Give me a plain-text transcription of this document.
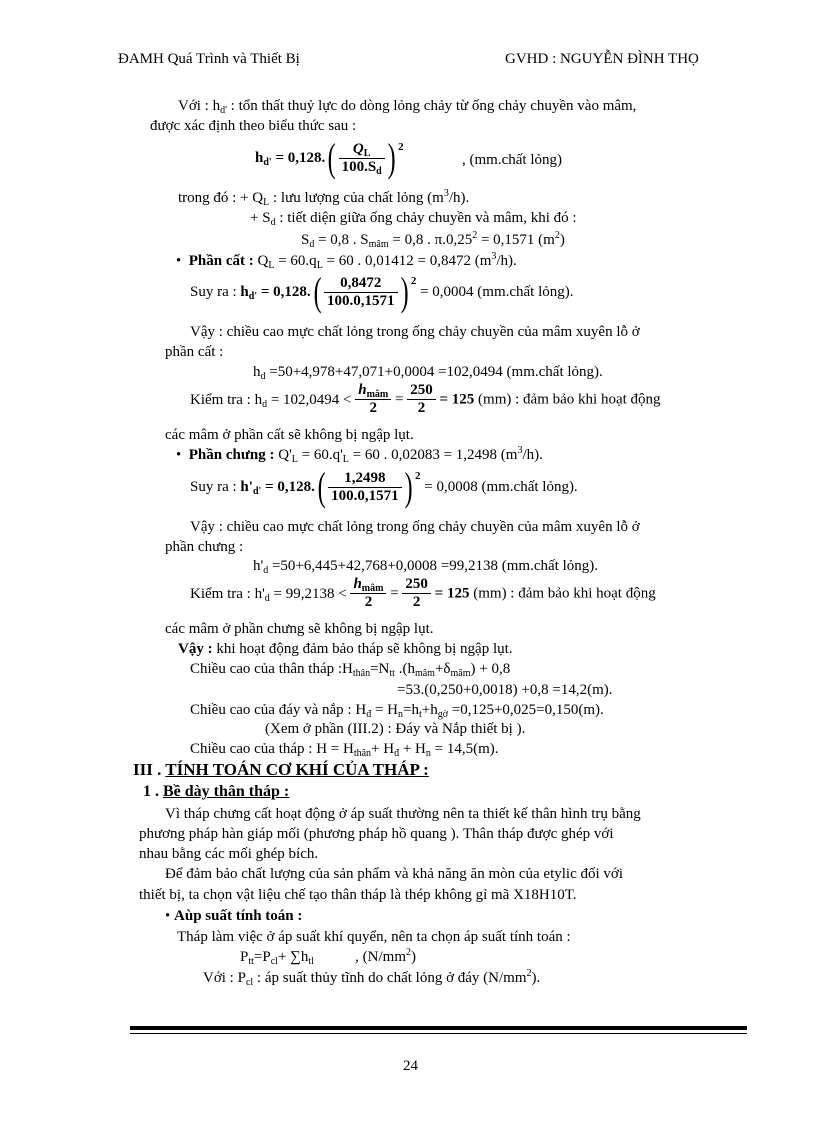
ĐAMH Quá Trình và Thiết Bị	GVHD : NGUYỄN ĐÌNH THỌ
Với : $h_{d'}$ : tổn thất thuỷ lực do dòng lỏng chảy từ ống chảy chuyền vào mâm,
được xác định theo biểu thức sau :
$h_{d'} = 0,128.( \frac{Q_L}{100.S_d}$ ) $^2$
, (mm.chất lỏng)
trong đó : + $Q_L$ : lưu lượng của chất lỏng $(m^3/h)$.
+ $S_d$ : tiết diện giữa ống chảy chuyền và mâm, khi đó :
$S_d = 0,8$ . $S_{mâm} = 0,8$ . $\pi.0,25^2 = 0,1571$ $(m^2)$
• Phần cất : $Q_L = 60.q_L = 60$ . 0,01412 = 0,8472 $(m^3/h)$.
Suy ra : $h_{d'} = 0,128.( \frac{0,8472}{100.0,1571}$ ) $^2$ = 0,0004 (mm.chất lỏng).
Vậy : chiều cao mực chất lỏng trong ống chảy chuyền của mâm xuyên lỗ ở
phần cất :
$h_d =50+4,978+47,071+0,0004 =102,0494$ (mm.chất lỏng).
Kiểm tra : $h_d = 102,0494 < \frac{h_{mâm}}{2} = \frac{250}{2} = 125$ (mm) : đảm bảo khi hoạt động
các mâm ở phần cất sẽ không bị ngập lụt.
• Phần chưng : $Q'_L = 60.q'_L = 60$ . 0,02083 = 1,2498 $(m^3/h)$.
Suy ra : $h'_{d'} = 0,128.( \frac{1,2498}{100.0,1571}$ ) $^2$ = 0,0008 (mm.chất lỏng).
Vậy : chiều cao mực chất lỏng trong ống chảy chuyền của mâm xuyên lỗ ở
phần chưng :
$h'_d =50+6,445+42,768+0,0008 =99,2138$ (mm.chất lỏng).
Kiểm tra : $h'_d = 99,2138 < \frac{h_{mâm}}{2} = \frac{250}{2} = 125$ (mm) : đảm bảo khi hoạt động
các mâm ở phần chưng sẽ không bị ngập lụt.
Vậy : khi hoạt động đảm bảo tháp sẽ không bị ngập lụt.
Chiều cao của thân tháp $:H_{thân}=N_{tt}$ $.(h_{mâm}+\delta_{mâm}) + 0,8$
=53.(0,250+0,0018) +0,8 =14,2(m).
Chiều cao của đáy và nắp : $H_đ = H_n=h_t+h_{gờ} =0,125+0,025=0,150(m)$.
(Xem ở phần (III.2) : Đáy và Nắp thiết bị ).
Chiều cao của tháp : $H = H_{thân}+ H_đ + H_n = 14,5(m)$.
III . TÍNH TOÁN CƠ KHÍ CỦA THÁP :
1 . Bề dày thân tháp :
Vì tháp chưng cất hoạt động ở áp suất thường nên ta thiết kế thân hình trụ bằng
phương pháp hàn giáp mối (phương pháp hồ quang ). Thân tháp được ghép với
nhau bằng các mối ghép bích.
Để đảm bảo chất lượng của sản phẩm và khả năng ăn mòn của etylic đối với
thiết bị, ta chọn vật liệu chế tạo thân tháp là thép không gỉ mã X18H10T.
• Aùp suất tính toán :
Tháp làm việc ở áp suất khí quyển, nên ta chọn áp suất tính toán :
$P_{tt}=P_{cl}+ \sum h_{tl}$           , $(N/mm^2)$
Với : $P_{cl}$ : áp suất thủy tĩnh do chất lỏng ở đáy $(N/mm^2)$.
24
